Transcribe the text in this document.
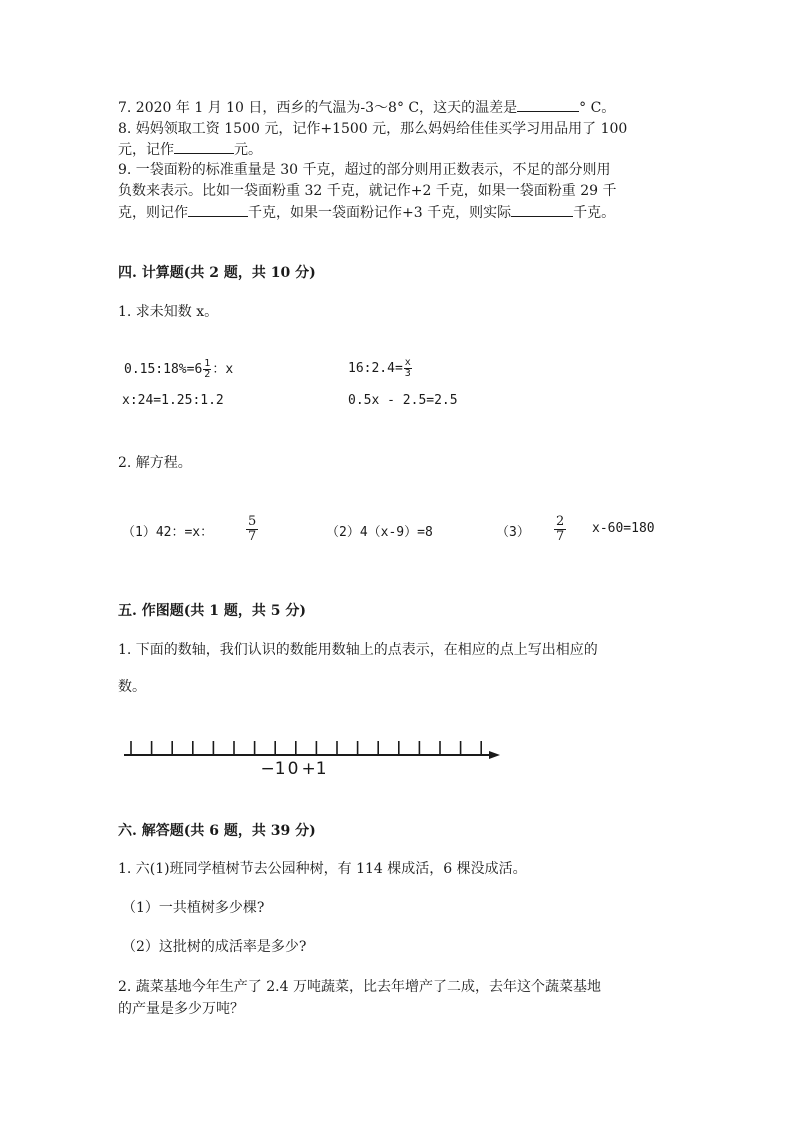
7. 2020 年 1 月 10 日，西乡的气温为-3～8° C，这天的温差是	° C。
8. 妈妈领取工资 1500 元，记作+1500 元，那么妈妈给佳佳买学习用品用了 100
元，记作	元。
9. 一袋面粉的标准重量是 30 千克，超过的部分则用正数表示，不足的部分则用
负数来表示。比如一袋面粉重 32 千克，就记作+2 千克，如果一袋面粉重 29 千
克，则记作	千克，如果一袋面粉记作+3 千克，则实际	千克。
四. 计算题(共 2 题，共 10 分)
1. 求未知数 x。
0.15:18%=6 $\frac{1}{2}$ ：x	16:2.4= $\frac{x}{3}$
x:24=1.25:1.2	0.5x - 2.5=2.5
2. 解方程。
（1）42：=x：	$\frac{5}{7}$	（2）4（x-9）=8	$(3) \frac{2}{7} x-60=180$
五. 作图题(共 1 题，共 5 分)
1. 下面的数轴，我们认识的数能用数轴上的点表示，在相应的点上写出相应的
数。
−1 0 +1
六. 解答题(共 6 题，共 39 分)
1. 六(1)班同学植树节去公园种树，有 114 棵成活，6 棵没成活。
（1）一共植树多少棵?
（2）这批树的成活率是多少?
2. 蔬菜基地今年生产了 2.4 万吨蔬菜，比去年增产了二成，去年这个蔬菜基地
的产量是多少万吨？
